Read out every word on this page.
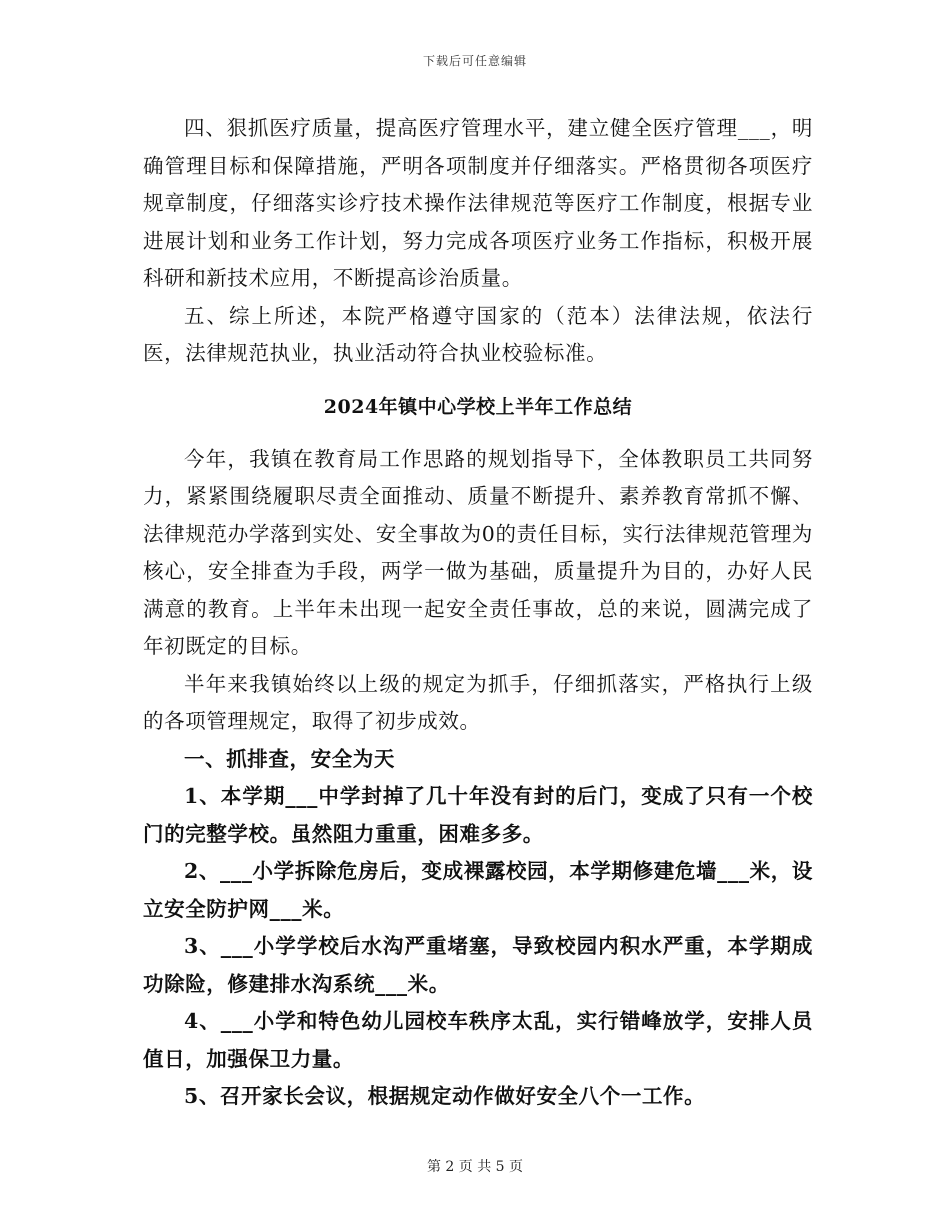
下载后可任意编辑

四、狠抓医疗质量，提高医疗管理水平，建立健全医疗管理___，明确管理目标和保障措施，严明各项制度并仔细落实。严格贯彻各项医疗规章制度，仔细落实诊疗技术操作法律规范等医疗工作制度，根据专业进展计划和业务工作计划，努力完成各项医疗业务工作指标，积极开展科研和新技术应用，不断提高诊治质量。

五、综上所述，本院严格遵守国家的（范本）法律法规，依法行医，法律规范执业，执业活动符合执业校验标准。

2024年镇中心学校上半年工作总结

今年，我镇在教育局工作思路的规划指导下，全体教职员工共同努力，紧紧围绕履职尽责全面推动、质量不断提升、素养教育常抓不懈、法律规范办学落到实处、安全事故为0的责任目标，实行法律规范管理为核心，安全排查为手段，两学一做为基础，质量提升为目的，办好人民满意的教育。上半年未出现一起安全责任事故，总的来说，圆满完成了年初既定的目标。

半年来我镇始终以上级的规定为抓手，仔细抓落实，严格执行上级的各项管理规定，取得了初步成效。

一、抓排查，安全为天

1、本学期___中学封掉了几十年没有封的后门，变成了只有一个校门的完整学校。虽然阻力重重，困难多多。

2、___小学拆除危房后，变成裸露校园，本学期修建危墙___米，设立安全防护网___米。

3、___小学学校后水沟严重堵塞，导致校园内积水严重，本学期成功除险，修建排水沟系统___米。

4、___小学和特色幼儿园校车秩序太乱，实行错峰放学，安排人员值日，加强保卫力量。

5、召开家长会议，根据规定动作做好安全八个一工作。

第 2 页 共 5 页
